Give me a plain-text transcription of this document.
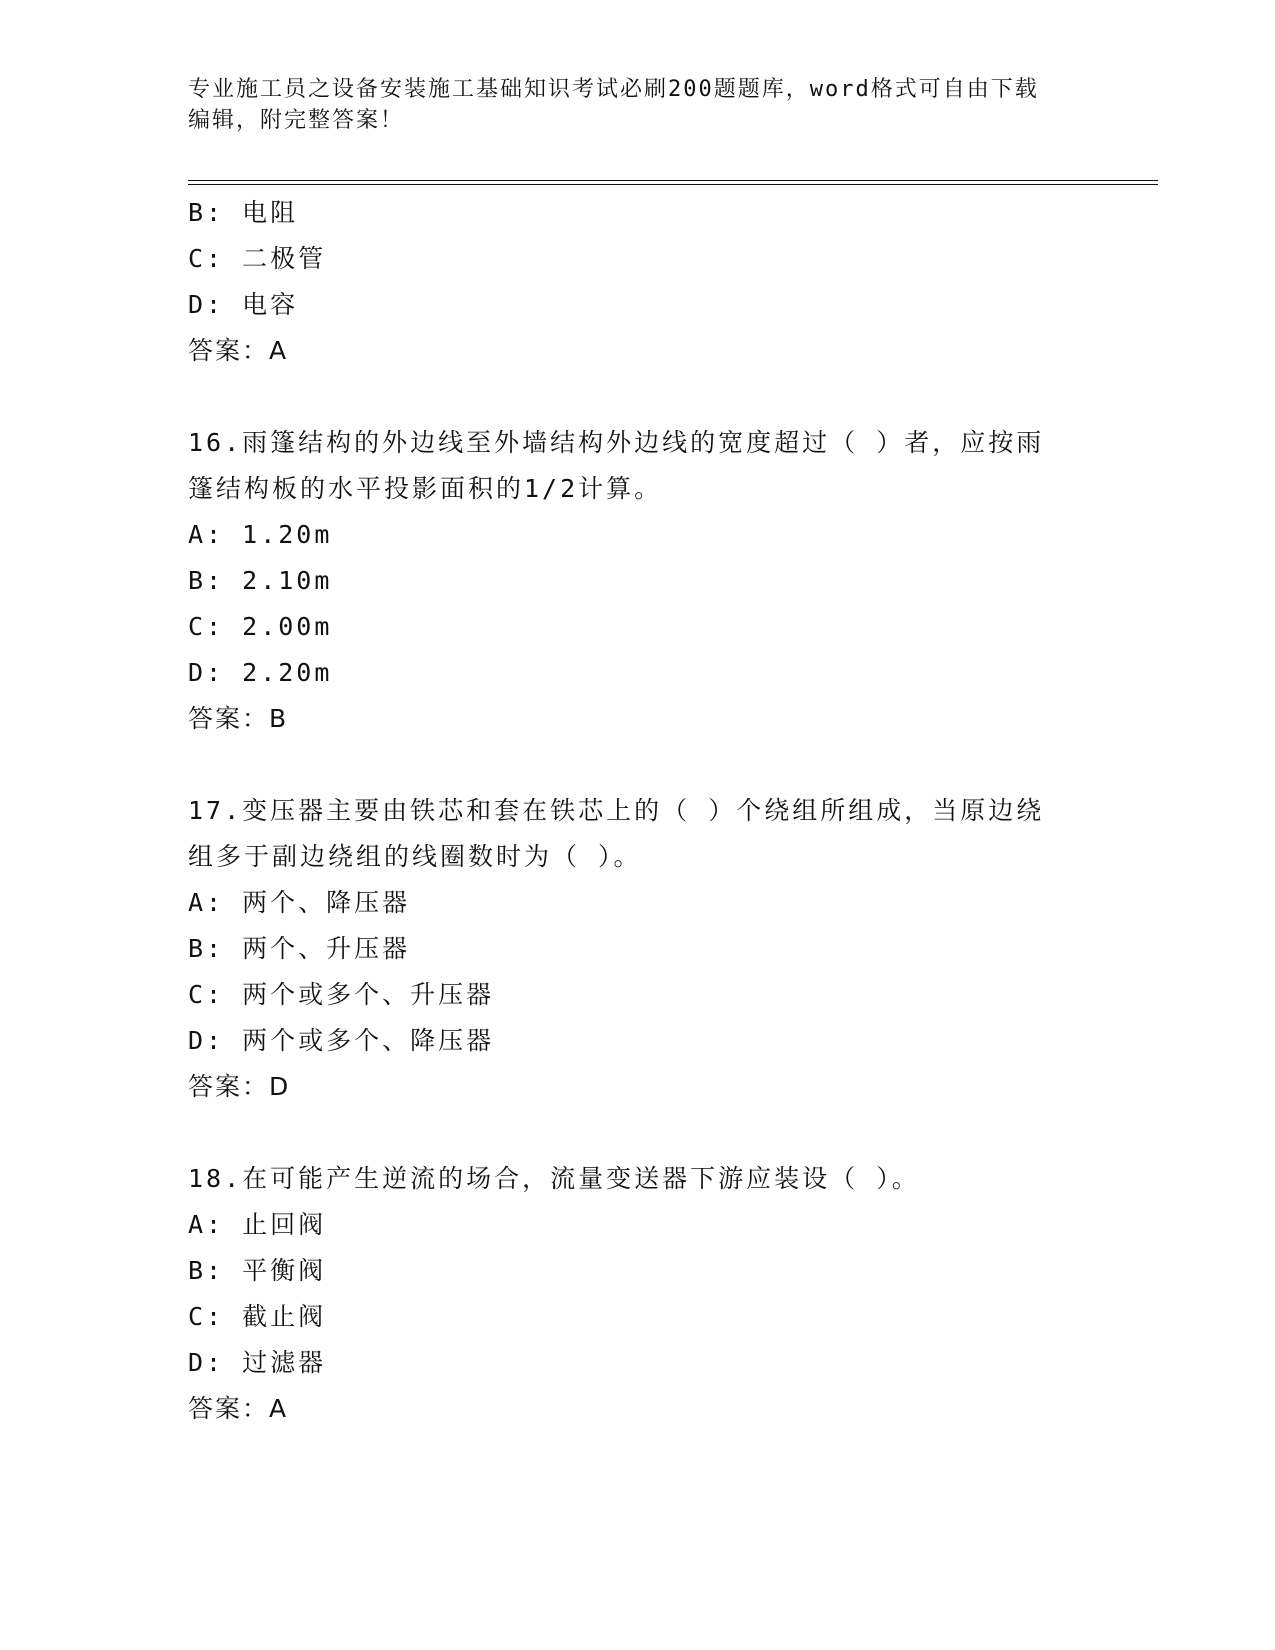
专业施工员之设备安装施工基础知识考试必刷200题题库，word格式可自由下载
编辑，附完整答案！
B: 电阻
C: 二极管
D: 电容
答案：A
16.雨篷结构的外边线至外墙结构外边线的宽度超过（ ）者，应按雨
篷结构板的水平投影面积的1/2计算。
A: 1.20m
B: 2.10m
C: 2.00m
D: 2.20m
答案：B
17.变压器主要由铁芯和套在铁芯上的（ ）个绕组所组成，当原边绕
组多于副边绕组的线圈数时为（ ）。
A: 两个、降压器
B: 两个、升压器
C: 两个或多个、升压器
D: 两个或多个、降压器
答案：D
18.在可能产生逆流的场合，流量变送器下游应装设（ ）。
A: 止回阀
B: 平衡阀
C: 截止阀
D: 过滤器
答案：A
